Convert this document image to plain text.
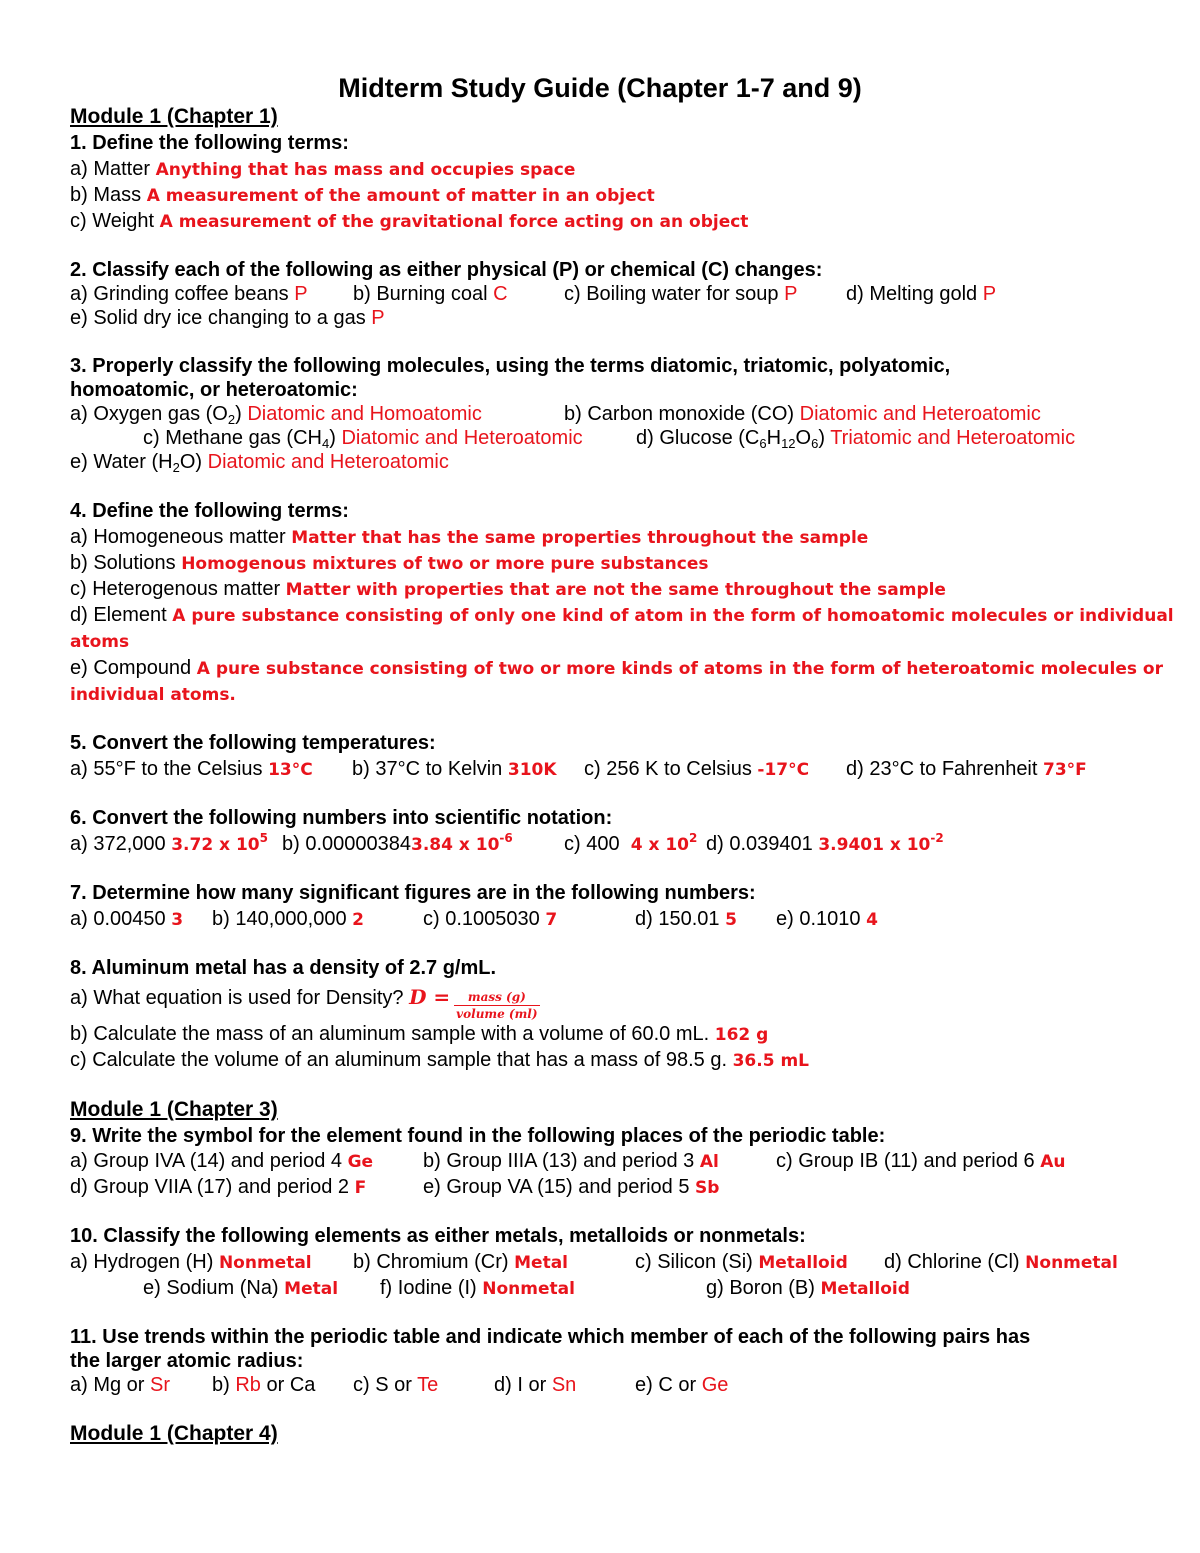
Midterm Study Guide (Chapter 1-7 and 9)
Module 1 (Chapter 1)
1. Define the following terms:
a) Matter Anything that has mass and occupies space
b) Mass A measurement of the amount of matter in an object
c) Weight A measurement of the gravitational force acting on an object
2. Classify each of the following as either physical (P) or chemical (C) changes:
a) Grinding coffee beans P b) Burning coal C	c) Boiling water for soup P d) Melting gold P
e) Solid dry ice changing to a gas P
3. Properly classify the following molecules, using the terms diatomic, triatomic, polyatomic,
homoatomic, or heteroatomic:
a) Oxygen gas $(O_2)$ Diatomic and Homoatomic	b) Carbon monoxide (CO) Diatomic and Heteroatomic
c) Methane gas $(CH_4)$ Diatomic and Heteroatomic	d) Glucose $(C_6H_{12}O_6)$ Triatomic and Heteroatomic
e) Water $(H_2O)$ Diatomic and Heteroatomic
4. Define the following terms:
a) Homogeneous matter Matter that has the same properties throughout the sample
b) Solutions Homogenous mixtures of two or more pure substances
c) Heterogenous matter Matter with properties that are not the same throughout the sample
d) Element A pure substance consisting of only one kind of atom in the form of homoatomic molecules or individual
atoms
e) Compound A pure substance consisting of two or more kinds of atoms in the form of heteroatomic molecules or
individual atoms.
5. Convert the following temperatures:
a) 55°F to the Celsius 13°C b) 37°C to Kelvin 310K c) 256 K to Celsius -17°C d) 23°C to Fahrenheit 73°F
6. Convert the following numbers into scientific notation:
a) 372,000 3.72 x $10^5$ b) 0.000003843.84 x $10^{-6}$	c) 400 4 x $10^2$ d) 0.039401 3.9401 x $10^{-2}$
7. Determine how many significant figures are in the following numbers:
a) 0.00450 3 b) 140,000,000 2	c) 0.1005030 7	d) 150.01 5 e) 0.1010 4
8. Aluminum metal has a density of 2.7 g/mL.
a) What equation is used for Density? $D = \frac{\text{mass (g)}}{\text{volume (ml)}}$
b) Calculate the mass of an aluminum sample with a volume of 60.0 mL. 162 g
c) Calculate the volume of an aluminum sample that has a mass of 98.5 g. 36.5 mL
Module 1 (Chapter 3)
9. Write the symbol for the element found in the following places of the periodic table:
a) Group IVA (14) and period 4 Ge b) Group IIIA (13) and period 3 Al	c) Group IB (11) and period 6 Au
d) Group VIIA (17) and period 2 F	e) Group VA (15) and period 5 Sb
10. Classify the following elements as either metals, metalloids or nonmetals:
a) Hydrogen (H) Nonmetal b) Chromium (Cr) Metal	c) Silicon (Si) Metalloid d) Chlorine (Cl) Nonmetal
e) Sodium (Na) Metal f) Iodine (I) Nonmetal	g) Boron (B) Metalloid
11. Use trends within the periodic table and indicate which member of each of the following pairs has
the larger atomic radius:
a) Mg or Sr b) Rb or Ca c) S or Te	d) I or Sn	e) C or Ge
Module 1 (Chapter 4)
